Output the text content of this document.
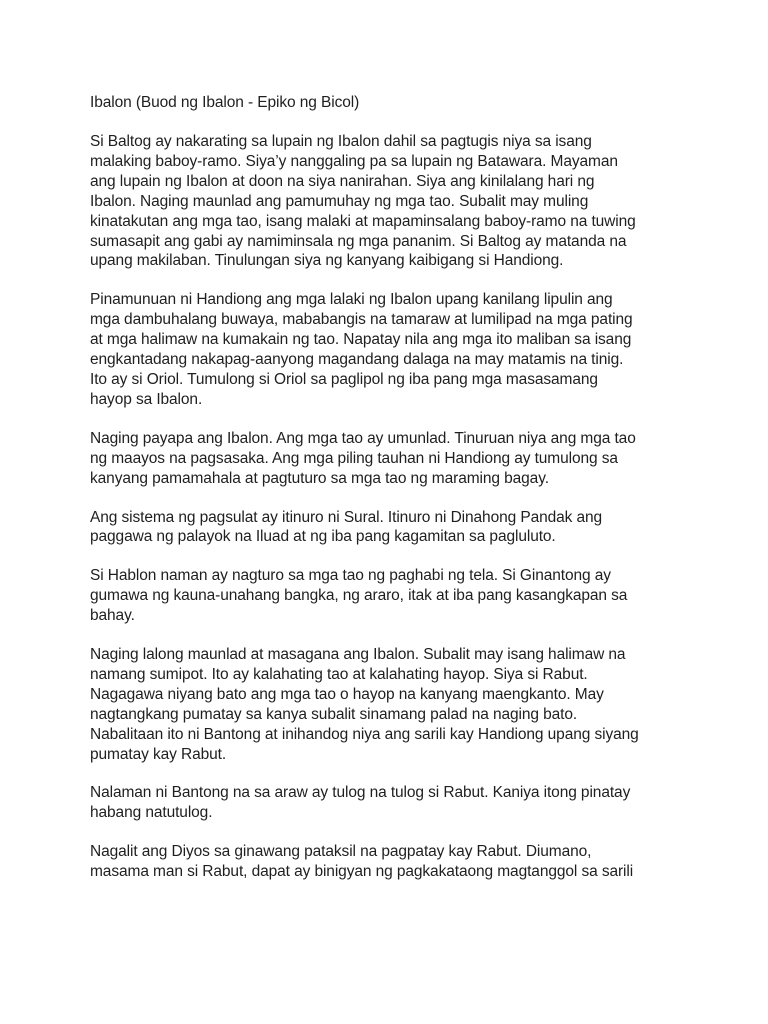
Ibalon (Buod ng Ibalon - Epiko ng Bicol)
Si Baltog ay nakarating sa lupain ng Ibalon dahil sa pagtugis niya sa isang
malaking baboy-ramo. Siya’y nanggaling pa sa lupain ng Batawara. Mayaman
ang lupain ng Ibalon at doon na siya nanirahan. Siya ang kinilalang hari ng
Ibalon. Naging maunlad ang pamumuhay ng mga tao. Subalit may muling
kinatakutan ang mga tao, isang malaki at mapaminsalang baboy-ramo na tuwing
sumasapit ang gabi ay namiminsala ng mga pananim. Si Baltog ay matanda na
upang makilaban. Tinulungan siya ng kanyang kaibigang si Handiong.
Pinamunuan ni Handiong ang mga lalaki ng Ibalon upang kanilang lipulin ang
mga dambuhalang buwaya, mababangis na tamaraw at lumilipad na mga pating
at mga halimaw na kumakain ng tao. Napatay nila ang mga ito maliban sa isang
engkantadang nakapag-aanyong magandang dalaga na may matamis na tinig.
Ito ay si Oriol. Tumulong si Oriol sa paglipol ng iba pang mga masasamang
hayop sa Ibalon.
Naging payapa ang Ibalon. Ang mga tao ay umunlad. Tinuruan niya ang mga tao
ng maayos na pagsasaka. Ang mga piling tauhan ni Handiong ay tumulong sa
kanyang pamamahala at pagtuturo sa mga tao ng maraming bagay.
Ang sistema ng pagsulat ay itinuro ni Sural. Itinuro ni Dinahong Pandak ang
paggawa ng palayok na Iluad at ng iba pang kagamitan sa pagluluto.
Si Hablon naman ay nagturo sa mga tao ng paghabi ng tela. Si Ginantong ay
gumawa ng kauna-unahang bangka, ng araro, itak at iba pang kasangkapan sa
bahay.
Naging lalong maunlad at masagana ang Ibalon. Subalit may isang halimaw na
namang sumipot. Ito ay kalahating tao at kalahating hayop. Siya si Rabut.
Nagagawa niyang bato ang mga tao o hayop na kanyang maengkanto. May
nagtangkang pumatay sa kanya subalit sinamang palad na naging bato.
Nabalitaan ito ni Bantong at inihandog niya ang sarili kay Handiong upang siyang
pumatay kay Rabut.
Nalaman ni Bantong na sa araw ay tulog na tulog si Rabut. Kaniya itong pinatay
habang natutulog.
Nagalit ang Diyos sa ginawang pataksil na pagpatay kay Rabut. Diumano,
masama man si Rabut, dapat ay binigyan ng pagkakataong magtanggol sa sarili
